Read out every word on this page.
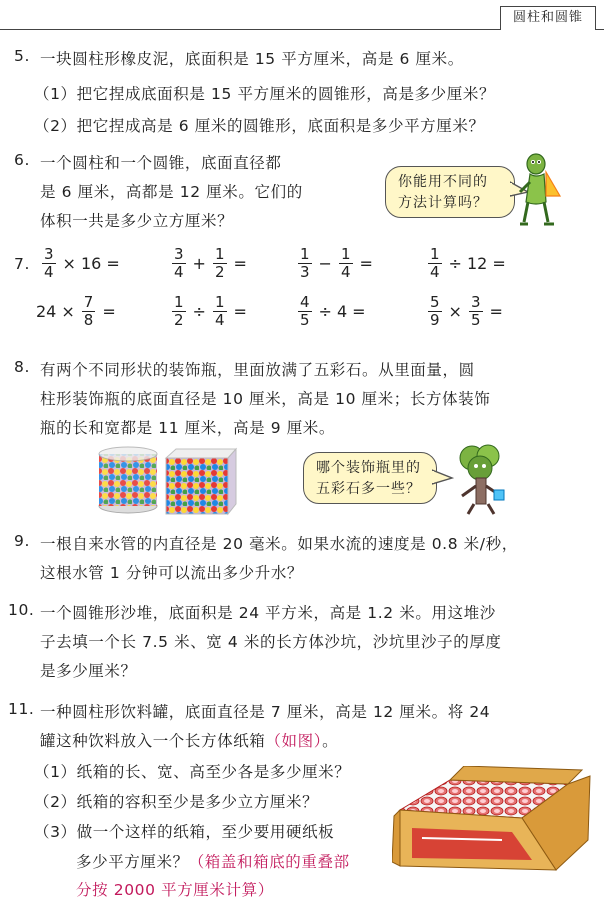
圆柱和圆锥
5. 一块圆柱形橡皮泥，底面积是 15 平方厘米，高是 6 厘米。
（1）把它捏成底面积是 15 平方厘米的圆锥形，高是多少厘米？
（2）把它捏成高是 6 厘米的圆锥形，底面积是多少平方厘米？
6. 一个圆柱和一个圆锥，底面直径都
是 6 厘米，高都是 12 厘米。它们的
体积一共是多少立方厘米？
你能用不同的
方法计算吗？
7. $\frac{3}{4} \times 16$ =	$\frac{3}{4} + \frac{1}{2}$ =	$\frac{1}{3} - \frac{1}{4}$ =	$\frac{1}{4} \div 12$ =
$24 \times \frac{7}{8}$ =	$\frac{1}{2} \div \frac{1}{4}$ =	$\frac{4}{5} \div 4$ =	$\frac{5}{9} \times \frac{3}{5}$ =
8. 有两个不同形状的装饰瓶，里面放满了五彩石。从里面量，圆
柱形装饰瓶的底面直径是 10 厘米，高是 10 厘米；长方体装饰
瓶的长和宽都是 11 厘米，高是 9 厘米。
哪个装饰瓶里的
五彩石多一些？
9. 一根自来水管的内直径是 20 毫米。如果水流的速度是 0.8 米/秒，
这根水管 1 分钟可以流出多少升水？
10. 一个圆锥形沙堆，底面积是 24 平方米，高是 1.2 米。用这堆沙
子去填一个长 7.5 米、宽 4 米的长方体沙坑，沙坑里沙子的厚度
是多少厘米？
11. 一种圆柱形饮料罐，底面直径是 7 厘米，高是 12 厘米。将 24
罐这种饮料放入一个长方体纸箱（如图）。
（1）纸箱的长、宽、高至少各是多少厘米？
（2）纸箱的容积至少是多少立方厘米？
（3）做一个这样的纸箱，至少要用硬纸板
多少平方厘米？（箱盖和箱底的重叠部
分按 2000 平方厘米计算）
